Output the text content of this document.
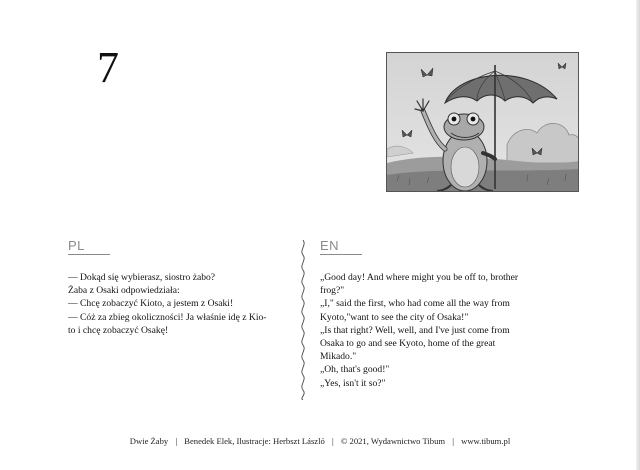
7
PL	EN

— Dokąd się wybierasz, siostro żabo?

Żaba z Osaki odpowiedziała:

— Chcę zobaczyć Kioto, a jestem z Osaki!

— Cóż za zbieg okoliczności! Ja właśnie idę z Kio-

to i chcę zobaczyć Osakę!

„Good day! And where might you be off to, brother

frog?"

„I," said the first, who had come all the way from

Kyoto,"want to see the city of Osaka!"

„Is that right? Well, well, and I've just come from

Osaka to go and see Kyoto, home of the great

Mikado."

„Oh, that's good!"

„Yes, isn't it so?"

Dwie Żaby | Benedek Elek, Ilustracje: Herbszt László | © 2021, Wydawnictwo Tibum | www.tibum.pl
